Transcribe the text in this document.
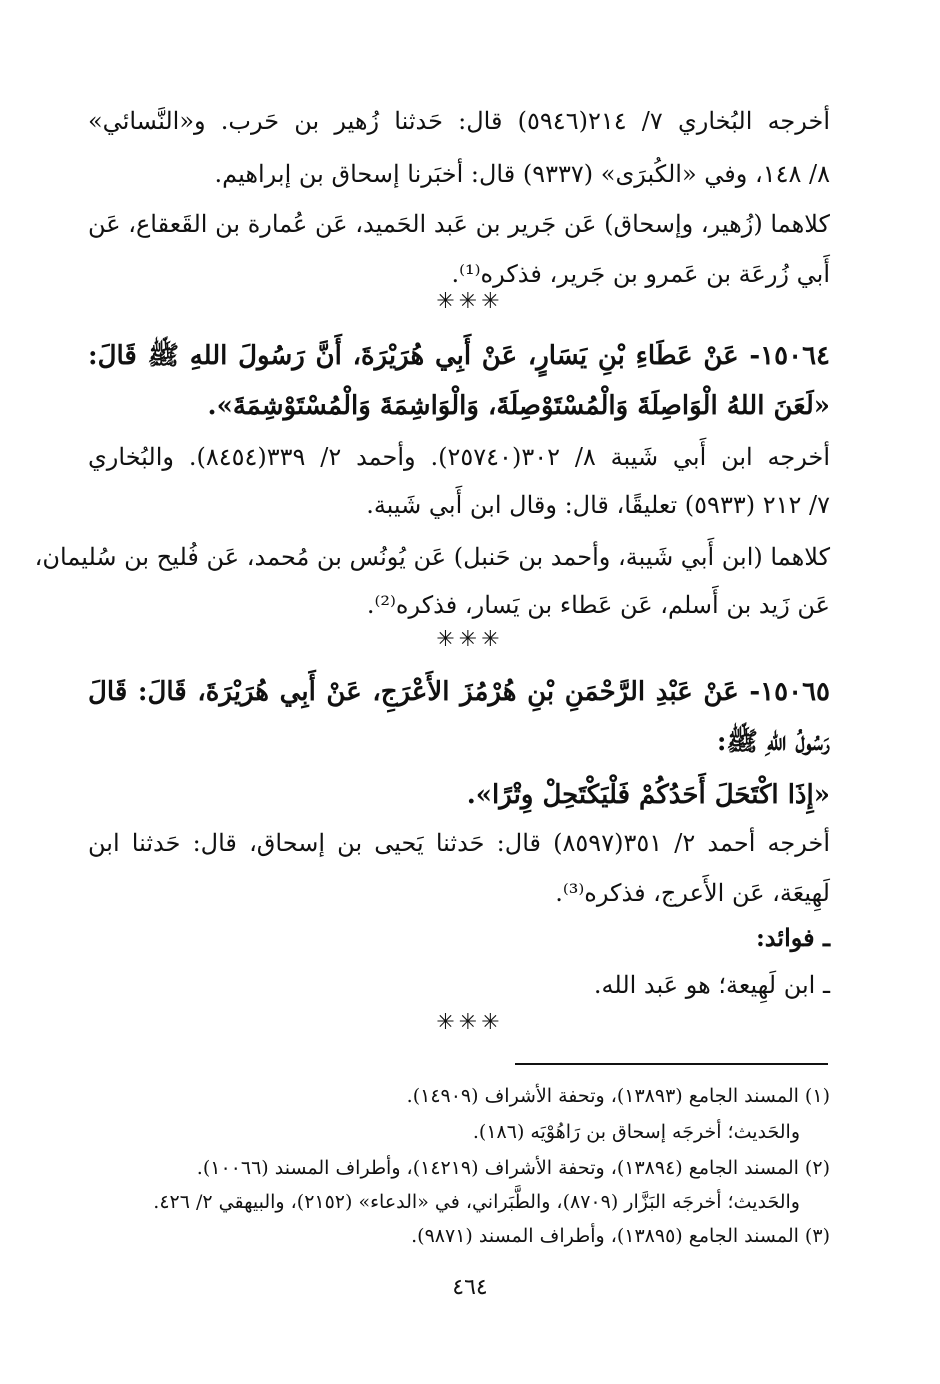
أخرجه البُخاري ٧/ ٢١٤(٥٩٤٦) قال: حَدثنا زُهير بن حَرب. و«النَّسائي»
٨/ ١٤٨، وفي «الكُبرَى» (٩٣٣٧) قال: أخبَرنا إسحاق بن إبراهيم.
كلاهما (زُهير، وإسحاق) عَن جَرير بن عَبد الحَميد، عَن عُمارة بن القَعقاع، عَن
أَبي زُرعَة بن عَمرو بن جَرير، فذكره⁽¹⁾.
١٥٠٦٤- عَنْ عَطَاءِ بْنِ يَسَارٍ، عَنْ أَبِي هُرَيْرَةَ، أَنَّ رَسُولَ اللهِ ﷺ قَالَ:
«لَعَنَ اللهُ الْوَاصِلَةَ وَالْمُسْتَوْصِلَةَ، وَالْوَاشِمَةَ وَالْمُسْتَوْشِمَةَ».
أخرجه ابن أَبي شَيبة ٨/ ٣٠٢(٢٥٧٤٠). وأحمد ٢/ ٣٣٩(٨٤٥٤). والبُخاري
٧/ ٢١٢ (٥٩٣٣) تعليقًا، قال: وقال ابن أَبي شَيبة.
كلاهما (ابن أَبي شَيبة، وأحمد بن حَنبل) عَن يُونُس بن مُحمد، عَن فُليح بن سُليمان،
عَن زَيد بن أَسلم، عَن عَطاء بن يَسار، فذكره⁽²⁾.
١٥٠٦٥- عَنْ عَبْدِ الرَّحْمَنِ بْنِ هُرْمُزَ الأَعْرَجِ، عَنْ أَبِي هُرَيْرَةَ، قَالَ: قَالَ
رَسُولُ اللهِ ﷺ:
«إِذَا اكْتَحَلَ أَحَدُكُمْ فَلْيَكْتَحِلْ وِتْرًا».
أخرجه أحمد ٢/ ٣٥١(٨٥٩٧) قال: حَدثنا يَحيى بن إسحاق، قال: حَدثنا ابن
لَهِيعَة، عَن الأَعرج، فذكره⁽³⁾.
ـ فوائد:
ـ ابن لَهِيعة؛ هو عَبد الله.
✳✳✳
✳✳✳
✳✳✳
(١) المسند الجامع (١٣٨٩٣)، وتحفة الأشراف (١٤٩٠٩).
والحَديث؛ أخرجَه إسحاق بن رَاهُوْيَه (١٨٦).
(٢) المسند الجامع (١٣٨٩٤)، وتحفة الأشراف (١٤٢١٩)، وأطراف المسند (١٠٠٦٦).
والحَديث؛ أخرجَه البَزَّار (٨٧٠٩)، والطَّبَراني، في «الدعاء» (٢١٥٢)، والبيهقي ٢/ ٤٢٦.
(٣) المسند الجامع (١٣٨٩٥)، وأطراف المسند (٩٨٧١).
٤٦٤
